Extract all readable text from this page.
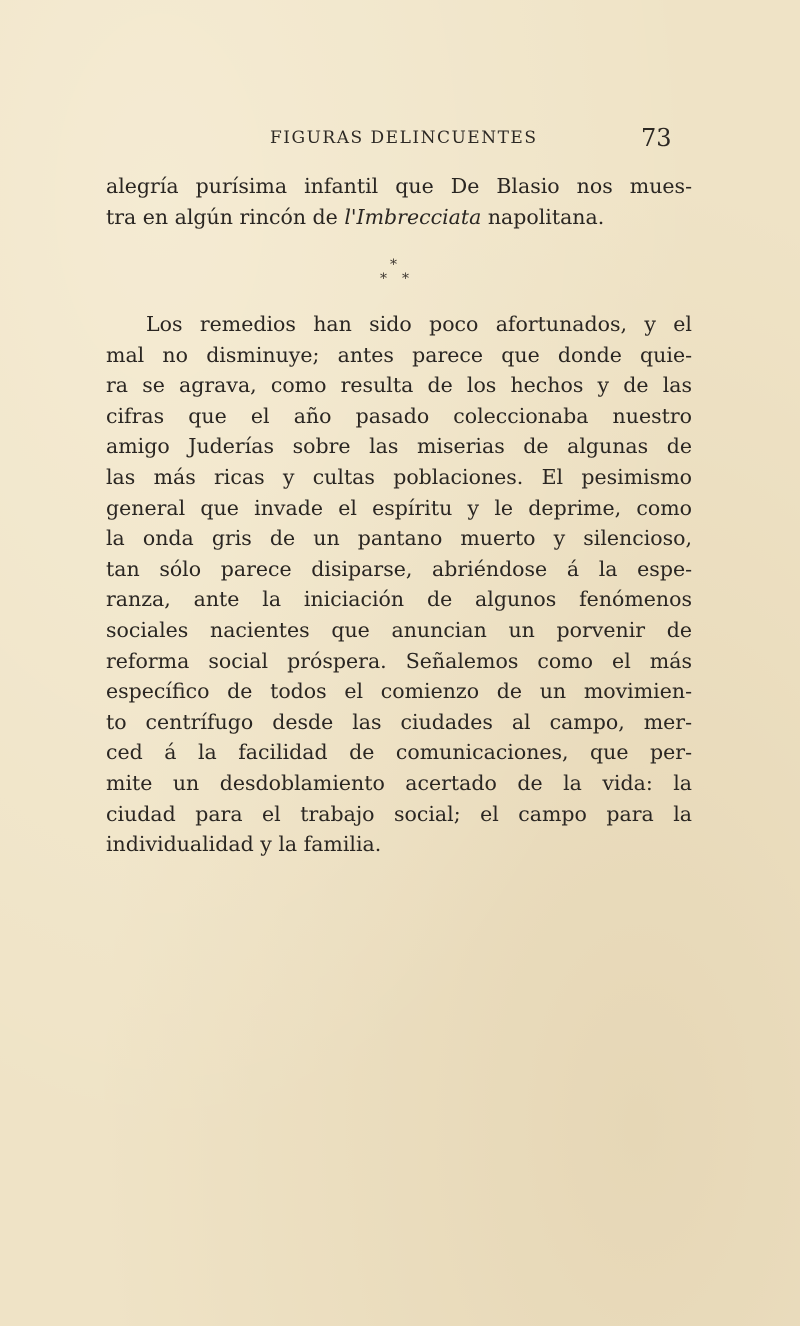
FIGURAS DELINCUENTES	73
alegría purísima infantil que De Blasio nos mues-
tra en algún rincón de l'Imbrecciata napolitana.
*
* *
Los remedios han sido poco afortunados, y el
mal no disminuye; antes parece que donde quie-
ra se agrava, como resulta de los hechos y de las
cifras que el año pasado coleccionaba nuestro
amigo Juderías sobre las miserias de algunas de
las más ricas y cultas poblaciones. El pesimismo
general que invade el espíritu y le deprime, como
la onda gris de un pantano muerto y silencioso,
tan sólo parece disiparse, abriéndose á la espe-
ranza, ante la iniciación de algunos fenómenos
sociales nacientes que anuncian un porvenir de
reforma social próspera. Señalemos como el más
específico de todos el comienzo de un movimien-
to centrífugo desde las ciudades al campo, mer-
ced á la facilidad de comunicaciones, que per-
mite un desdoblamiento acertado de la vida: la
ciudad para el trabajo social; el campo para la
individualidad y la familia.
